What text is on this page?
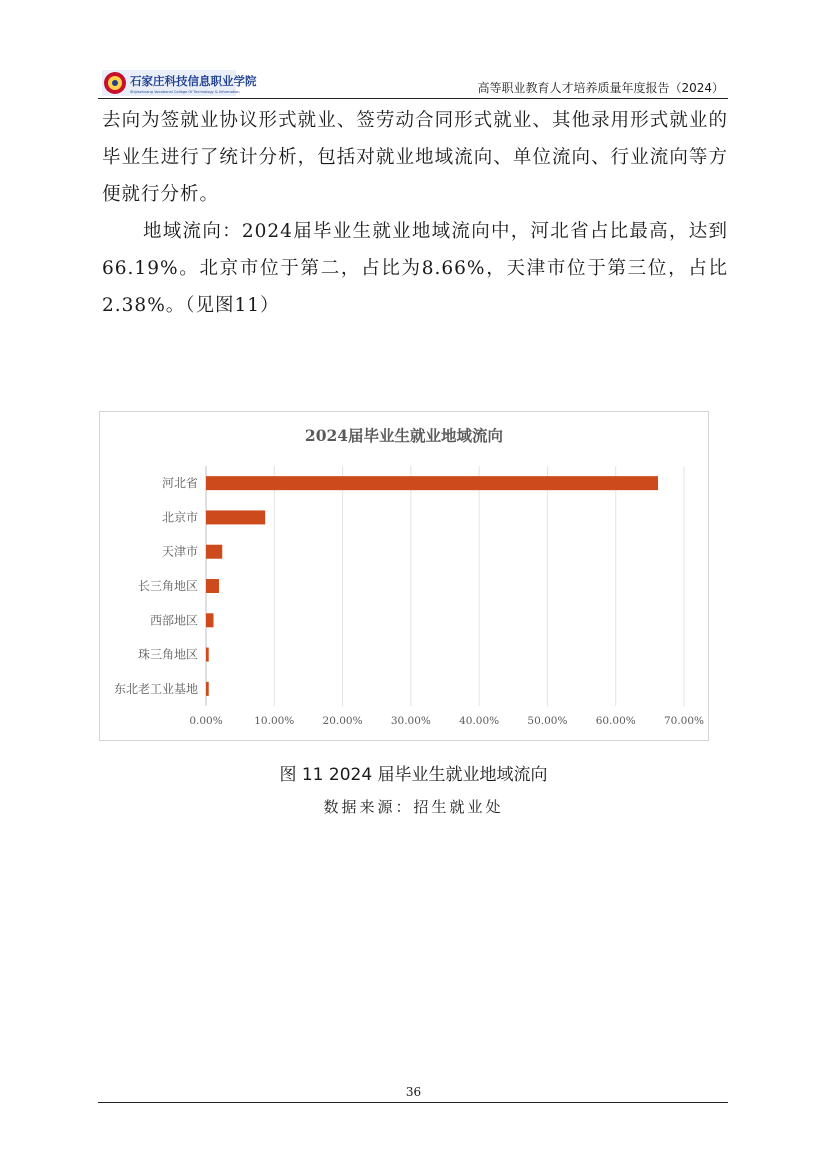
石家庄科技信息职业学院
Shijiazhuang Vocational College Of Technology & Information	高等职业教育人才培养质量年度报告（2024）

去向为签就业协议形式就业、签劳动合同形式就业、其他录用形式就业的毕业生进行了统计分析，包括对就业地域流向、单位流向、行业流向等方便就行分析。

地域流向：2024届毕业生就业地域流向中，河北省占比最高，达到66.19%。北京市位于第二，占比为8.66%，天津市位于第三位，占比2.38%。（见图11）

2024届毕业生就业地域流向
河北省
北京市
天津市
长三角地区
西部地区
珠三角地区
东北老工业基地
0.00%	10.00%	20.00%	30.00%	40.00%	50.00%	60.00%	70.00%
图 11 2024 届毕业生就业地域流向
数据来源：招生就业处
36
